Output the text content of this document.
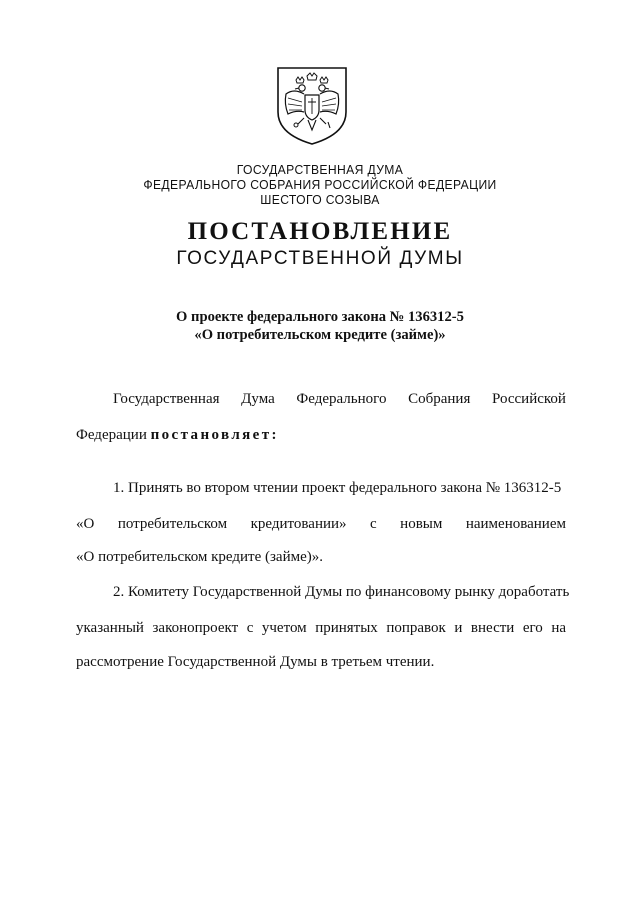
ГОСУДАРСТВЕННАЯ ДУМА
ФЕДЕРАЛЬНОГО СОБРАНИЯ РОССИЙСКОЙ ФЕДЕРАЦИИ
ШЕСТОГО СОЗЫВА
ПОСТАНОВЛЕНИЕ
ГОСУДАРСТВЕННОЙ ДУМЫ
О проекте федерального закона № 136312-5
«О потребительском кредите (займе)»
Государственная Дума Федерального Собрания Российской
Федерации постановляет:
1. Принять во втором чтении проект федерального закона № 136312-5
«О потребительском кредитовании» с новым наименованием
«О потребительском кредите (займе)».
2. Комитету Государственной Думы по финансовому рынку доработать
указанный законопроект с учетом принятых поправок и внести его на
рассмотрение Государственной Думы в третьем чтении.
